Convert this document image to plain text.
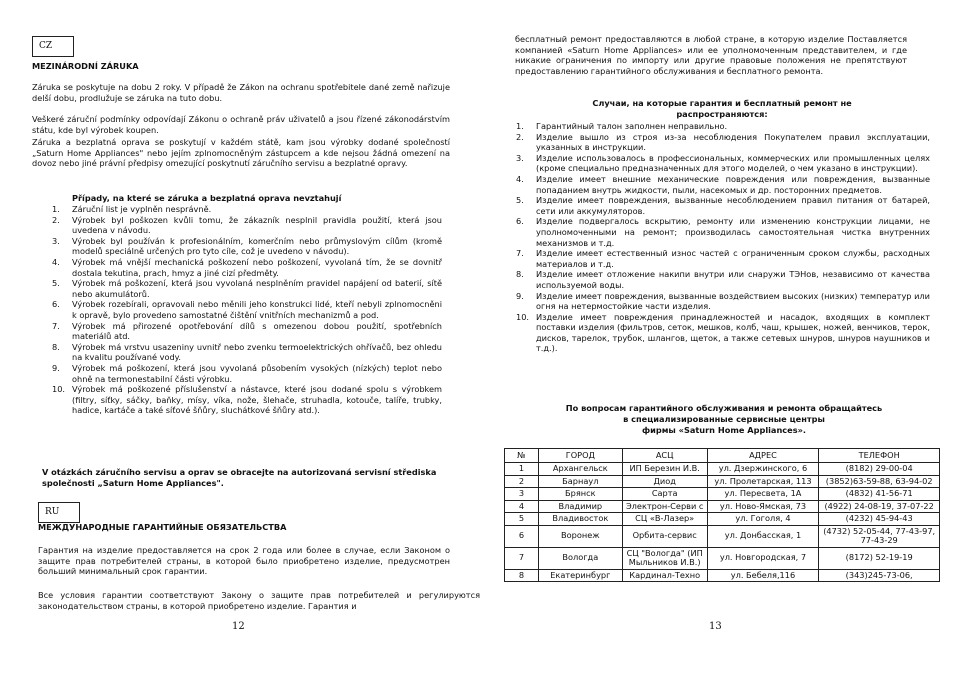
CZ
MEZINÁRODNÍ ZÁRUKA
Záruka se poskytuje na dobu 2 roky. V případě že Zákon na ochranu spotřebitele dané země nařizuje delší dobu, prodlužuje se záruka na tuto dobu.
Veškeré záruční podmínky odpovídají Zákonu o ochraně práv uživatelů a jsou řízené zákonodárstvím státu, kde byl výrobek koupen.
Záruka a bezplatná oprava se poskytují v každém státě, kam jsou výrobky dodané společností „Saturn Home Appliances" nebo jejím zplnomocněným zástupcem a kde nejsou žádná omezení na dovoz nebo jiné právní předpisy omezující poskytnutí záručního servisu a bezplatné opravy.
Případy, na které se záruka a bezplatná oprava nevztahují
1. Záruční list je vyplněn nesprávně.
2. Výrobek byl poškozen kvůli tomu, že zákazník nesplnil pravidla použití, která jsou uvedena v návodu.
3. Výrobek byl používán k profesionálním, komerčním nebo průmyslovým cílům (kromě modelů speciálně určených pro tyto cíle, což je uvedeno v návodu).
4. Výrobek má vnější mechanická poškození nebo poškození, vyvolaná tím, že se dovnitř dostala tekutina, prach, hmyz a jiné cizí předměty.
5. Výrobek má poškození, která jsou vyvolaná nesplněním pravidel napájení od baterií, sítě nebo akumulátorů.
6. Výrobek rozebírali, opravovali nebo měnili jeho konstrukci lidé, kteří nebyli zplnomocněni k opravě, bylo provedeno samostatné čištění vnitřních mechanizmů a pod.
7. Výrobek má přirozené opotřebování dílů s omezenou dobou použití, spotřebních materiálů atd.
8. Výrobek má vrstvu usazeniny uvnitř nebo zvenku termoelektrických ohřívačů, bez ohledu na kvalitu používané vody.
9. Výrobek má poškození, která jsou vyvolaná působením vysokých (nízkých) teplot nebo ohně na termonestabilní části výrobku.
10. Výrobek má poškozené příslušenství a nástavce, které jsou dodané spolu s výrobkem (filtry, síťky, sáčky, baňky, mísy, víka, nože, šlehače, struhadla, kotouče, talíře, trubky, hadice, kartáče a také síťové šňůry, sluchátkové šňůry atd.).
V otázkách záručního servisu a oprav se obracejte na autorizovaná servisní střediska společnosti „Saturn Home Appliances".
RU
МЕЖДУНАРОДНЫЕ ГАРАНТИЙНЫЕ ОБЯЗАТЕЛЬСТВА
Гарантия на изделие предоставляется на срок 2 года или более в случае, если Законом о защите прав потребителей страны, в которой было приобретено изделие, предусмотрен больший минимальный срок гарантии.
Все условия гарантии соответствуют Закону о защите прав потребителей и регулируются законодательством страны, в которой приобретено изделие. Гарантия и
12
бесплатный ремонт предоставляются в любой стране, в которую изделие Поставляется компанией «Saturn Home Appliances» или ее уполномоченным представителем, и где никакие ограничения по импорту или другие правовые положения не препятствуют предоставлению гарантийного обслуживания и бесплатного ремонта.
Случаи, на которые гарантия и бесплатный ремонт не распространяются:
1. Гарантийный талон заполнен неправильно.
2. Изделие вышло из строя из-за несоблюдения Покупателем правил эксплуатации, указанных в инструкции.
3. Изделие использовалось в профессиональных, коммерческих или промышленных целях (кроме специально предназначенных для этого моделей, о чем указано в инструкции).
4. Изделие имеет внешние механические повреждения или повреждения, вызванные попаданием внутрь жидкости, пыли, насекомых и др. посторонних предметов.
5. Изделие имеет повреждения, вызванные несоблюдением правил питания от батарей, сети или аккумуляторов.
6. Изделие подвергалось вскрытию, ремонту или изменению конструкции лицами, не уполномоченными на ремонт; производилась самостоятельная чистка внутренних механизмов и т.д.
7. Изделие имеет естественный износ частей с ограниченным сроком службы, расходных материалов и т.д.
8. Изделие имеет отложение накипи внутри или снаружи ТЭНов, независимо от качества используемой воды.
9. Изделие имеет повреждения, вызванные воздействием высоких (низких) температур или огня на нетермостойкие части изделия.
10. Изделие имеет повреждения принадлежностей и насадок, входящих в комплект поставки изделия (фильтров, сеток, мешков, колб, чаш, крышек, ножей, венчиков, терок, дисков, тарелок, трубок, шлангов, щеток, а также сетевых шнуров, шнуров наушников и т.д.).
По вопросам гарантийного обслуживания и ремонта обращайтесь
в специализированные сервисные центры
фирмы «Saturn Home Appliances».
№	ГОРОД	АСЦ	АДРЕС	ТЕЛЕФОН
1	Архангельск	ИП Березин И.В.	ул. Дзержинского, 6	(8182) 29-00-04
2	Барнаул	Диод	ул. Пролетарская, 113	(3852)63-59-88, 63-94-02
3	Брянск	Сарта	ул. Пересвета, 1А	(4832) 41-56-71
4	Владимир	Электрон-Серви с	ул. Ново-Ямская, 73	(4922) 24-08-19, 37-07-22
5	Владивосток	СЦ «В-Лазер»	ул. Гоголя, 4	(4232) 45-94-43
6	Воронеж	Орбита-сервис	ул. Донбасская, 1	(4732) 52-05-44, 77-43-97, 77-43-29
7	Вологда	СЦ "Вологда" (ИП Мыльников И.В.)	ул. Новгородская, 7	(8172) 52-19-19
8	Екатеринбург	Кардинал-Техно	ул. Бебеля,116	(343)245-73-06,
13
